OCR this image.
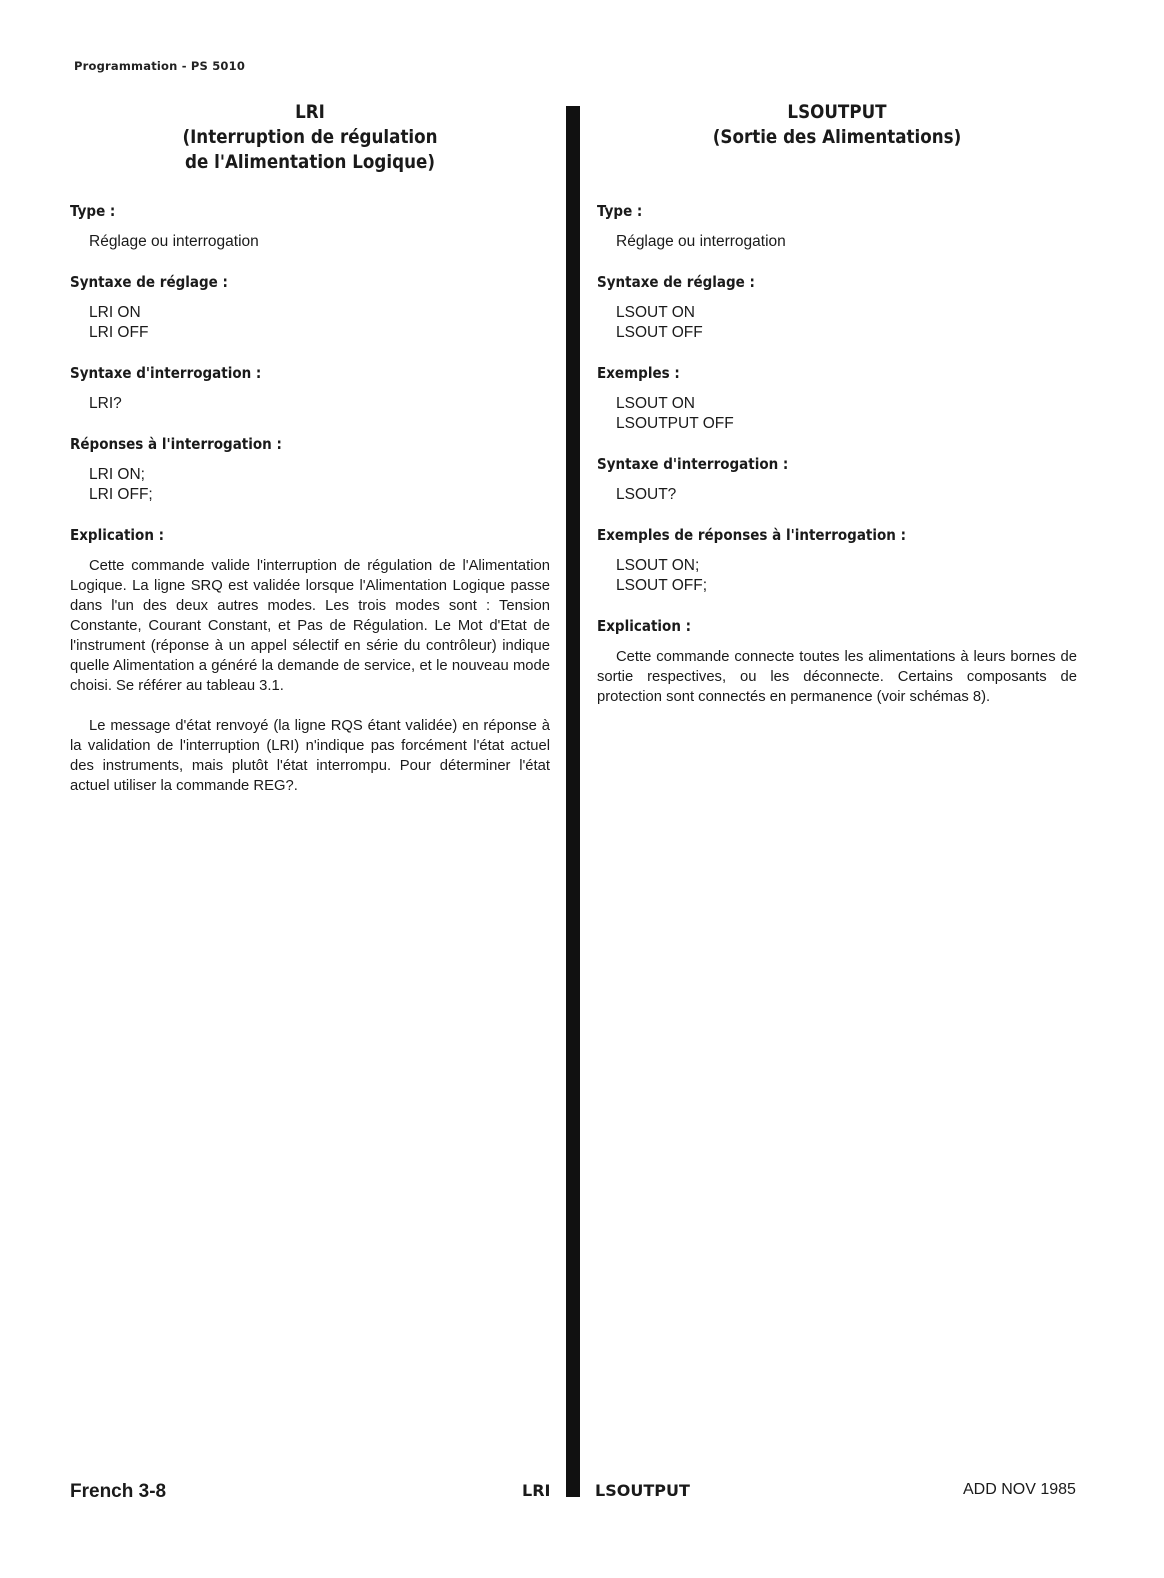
Programmation - PS 5010

LRI

(Interruption de régulation

de l'Alimentation Logique)

Type :

Réglage ou interrogation

Syntaxe de réglage :

LRI ON

LRI OFF

Syntaxe d'interrogation :

LRI?

Réponses à l'interrogation :

LRI ON;

LRI OFF;

Explication :

Cette commande valide l'interruption de régulation de l'Alimentation Logique. La ligne SRQ est validée lorsque l'Alimentation Logique passe dans l'un des deux autres modes. Les trois modes sont : Tension Constante, Courant Constant, et Pas de Régulation. Le Mot d'Etat de l'instrument (réponse à un appel sélectif en série du contrôleur) indique quelle Alimentation a généré la demande de service, et le nouveau mode choisi. Se référer au tableau 3.1.

Le message d'état renvoyé (la ligne RQS étant validée) en réponse à la validation de l'interruption (LRI) n'indique pas forcément l'état actuel des instruments, mais plutôt l'état interrompu. Pour déterminer l'état actuel utiliser la commande REG?.

LSOUTPUT

(Sortie des Alimentations)

Type :

Réglage ou interrogation

Syntaxe de réglage :

LSOUT ON

LSOUT OFF

Exemples :

LSOUT ON

LSOUTPUT OFF

Syntaxe d'interrogation :

LSOUT?

Exemples de réponses à l'interrogation :

LSOUT ON;

LSOUT OFF;

Explication :

Cette commande connecte toutes les alimentations à leurs bornes de sortie respectives, ou les déconnecte. Certains composants de protection sont connectés en permanence (voir schémas 8).

French 3-8	LRI	LSOUTPUT	ADD NOV 1985
